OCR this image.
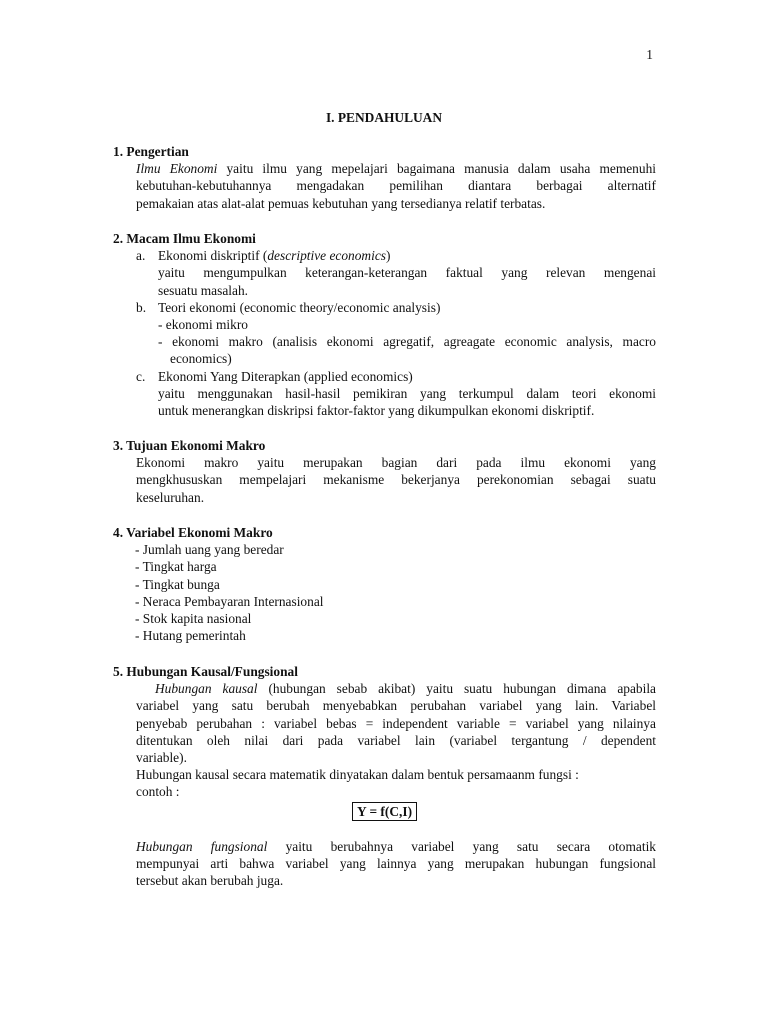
1
I. PENDAHULUAN
1. Pengertian
Ilmu Ekonomi yaitu ilmu yang mepelajari bagaimana manusia dalam usaha memenuhi
kebutuhan-kebutuhannya mengadakan pemilihan diantara berbagai alternatif
pemakaian atas alat-alat pemuas kebutuhan yang tersedianya relatif terbatas.
2. Macam Ilmu Ekonomi
a. Ekonomi diskriptif (descriptive economics)
yaitu mengumpulkan keterangan-keterangan faktual yang relevan mengenai
sesuatu masalah.
b. Teori ekonomi (economic theory/economic analysis)
- ekonomi mikro
- ekonomi makro (analisis ekonomi agregatif, agreagate economic analysis, macro
economics)
c. Ekonomi Yang Diterapkan (applied economics)
yaitu menggunakan hasil-hasil pemikiran yang terkumpul dalam teori ekonomi
untuk menerangkan diskripsi faktor-faktor yang dikumpulkan ekonomi diskriptif.
3. Tujuan Ekonomi Makro
Ekonomi makro yaitu merupakan bagian dari pada ilmu ekonomi yang
mengkhususkan mempelajari mekanisme bekerjanya perekonomian sebagai suatu
keseluruhan.
4. Variabel Ekonomi Makro
- Jumlah uang yang beredar
- Tingkat harga
- Tingkat bunga
- Neraca Pembayaran Internasional
- Stok kapita nasional
- Hutang pemerintah
5. Hubungan Kausal/Fungsional
Hubungan kausal (hubungan sebab akibat) yaitu suatu hubungan dimana apabila
variabel yang satu berubah menyebabkan perubahan variabel yang lain. Variabel
penyebab perubahan : variabel bebas = independent variable = variabel yang nilainya
ditentukan oleh nilai dari pada variabel lain (variabel tergantung / dependent
variable).
Hubungan kausal secara matematik dinyatakan dalam bentuk persamaanm fungsi :
contoh :
Y = f(C,I)
Hubungan fungsional yaitu berubahnya variabel yang satu secara otomatik
mempunyai arti bahwa variabel yang lainnya yang merupakan hubungan fungsional
tersebut akan berubah juga.
